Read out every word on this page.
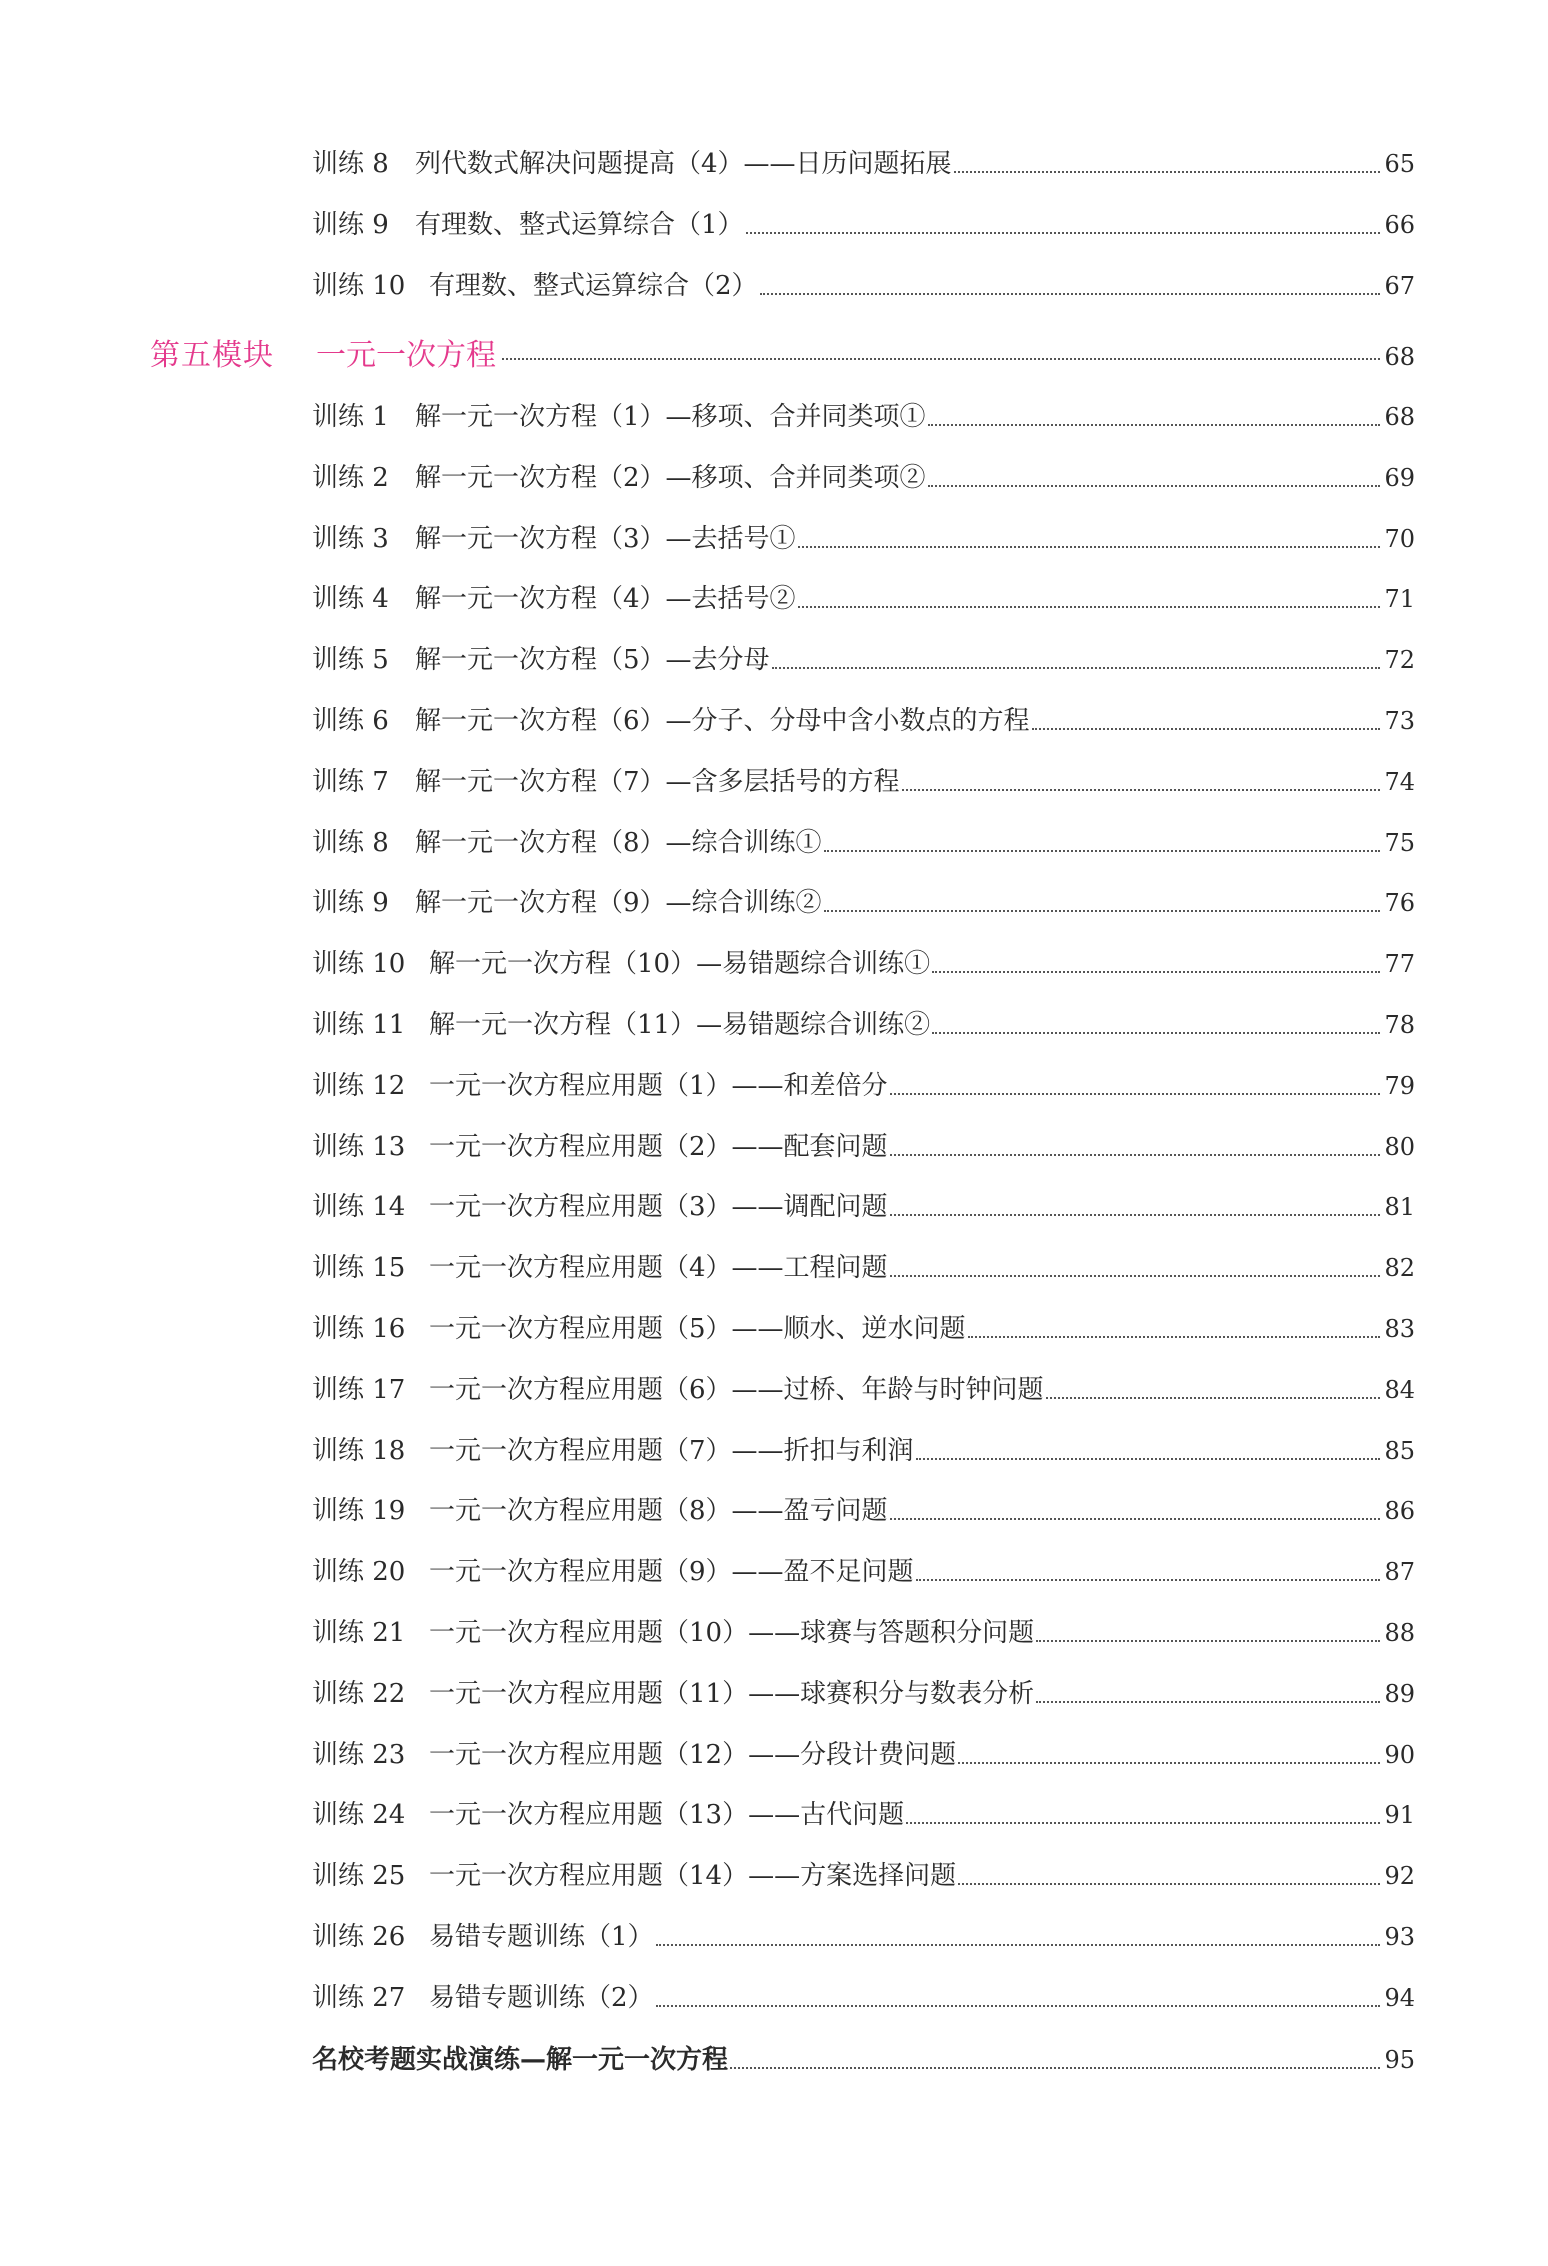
训练 8	列代数式解决问题提高（4）——日历问题拓展	65
训练 9	有理数、整式运算综合（1）	66
训练 10 有理数、整式运算综合（2）	67
第五模块 一元一次方程	68
训练 1	解一元一次方程（1）—移项、合并同类项①	68
训练 2	解一元一次方程（2）—移项、合并同类项②	69
训练 3	解一元一次方程（3）—去括号①	70
训练 4	解一元一次方程（4）—去括号②	71
训练 5	解一元一次方程（5）—去分母	72
训练 6	解一元一次方程（6）—分子、分母中含小数点的方程	73
训练 7	解一元一次方程（7）—含多层括号的方程	74
训练 8	解一元一次方程（8）—综合训练①	75
训练 9	解一元一次方程（9）—综合训练②	76
训练 10 解一元一次方程（10）—易错题综合训练①	77
训练 11 解一元一次方程（11）—易错题综合训练②	78
训练 12 一元一次方程应用题（1）——和差倍分	79
训练 13 一元一次方程应用题（2）——配套问题	80
训练 14 一元一次方程应用题（3）——调配问题	81
训练 15 一元一次方程应用题（4）——工程问题	82
训练 16 一元一次方程应用题（5）——顺水、逆水问题	83
训练 17 一元一次方程应用题（6）——过桥、年龄与时钟问题	84
训练 18 一元一次方程应用题（7）——折扣与利润	85
训练 19 一元一次方程应用题（8）——盈亏问题	86
训练 20 一元一次方程应用题（9）——盈不足问题	87
训练 21 一元一次方程应用题（10）——球赛与答题积分问题	88
训练 22 一元一次方程应用题（11）——球赛积分与数表分析	89
训练 23 一元一次方程应用题（12）——分段计费问题	90
训练 24 一元一次方程应用题（13）——古代问题	91
训练 25 一元一次方程应用题（14）——方案选择问题	92
训练 26 易错专题训练（1）	93
训练 27 易错专题训练（2）	94
名校考题实战演练—解一元一次方程	95
